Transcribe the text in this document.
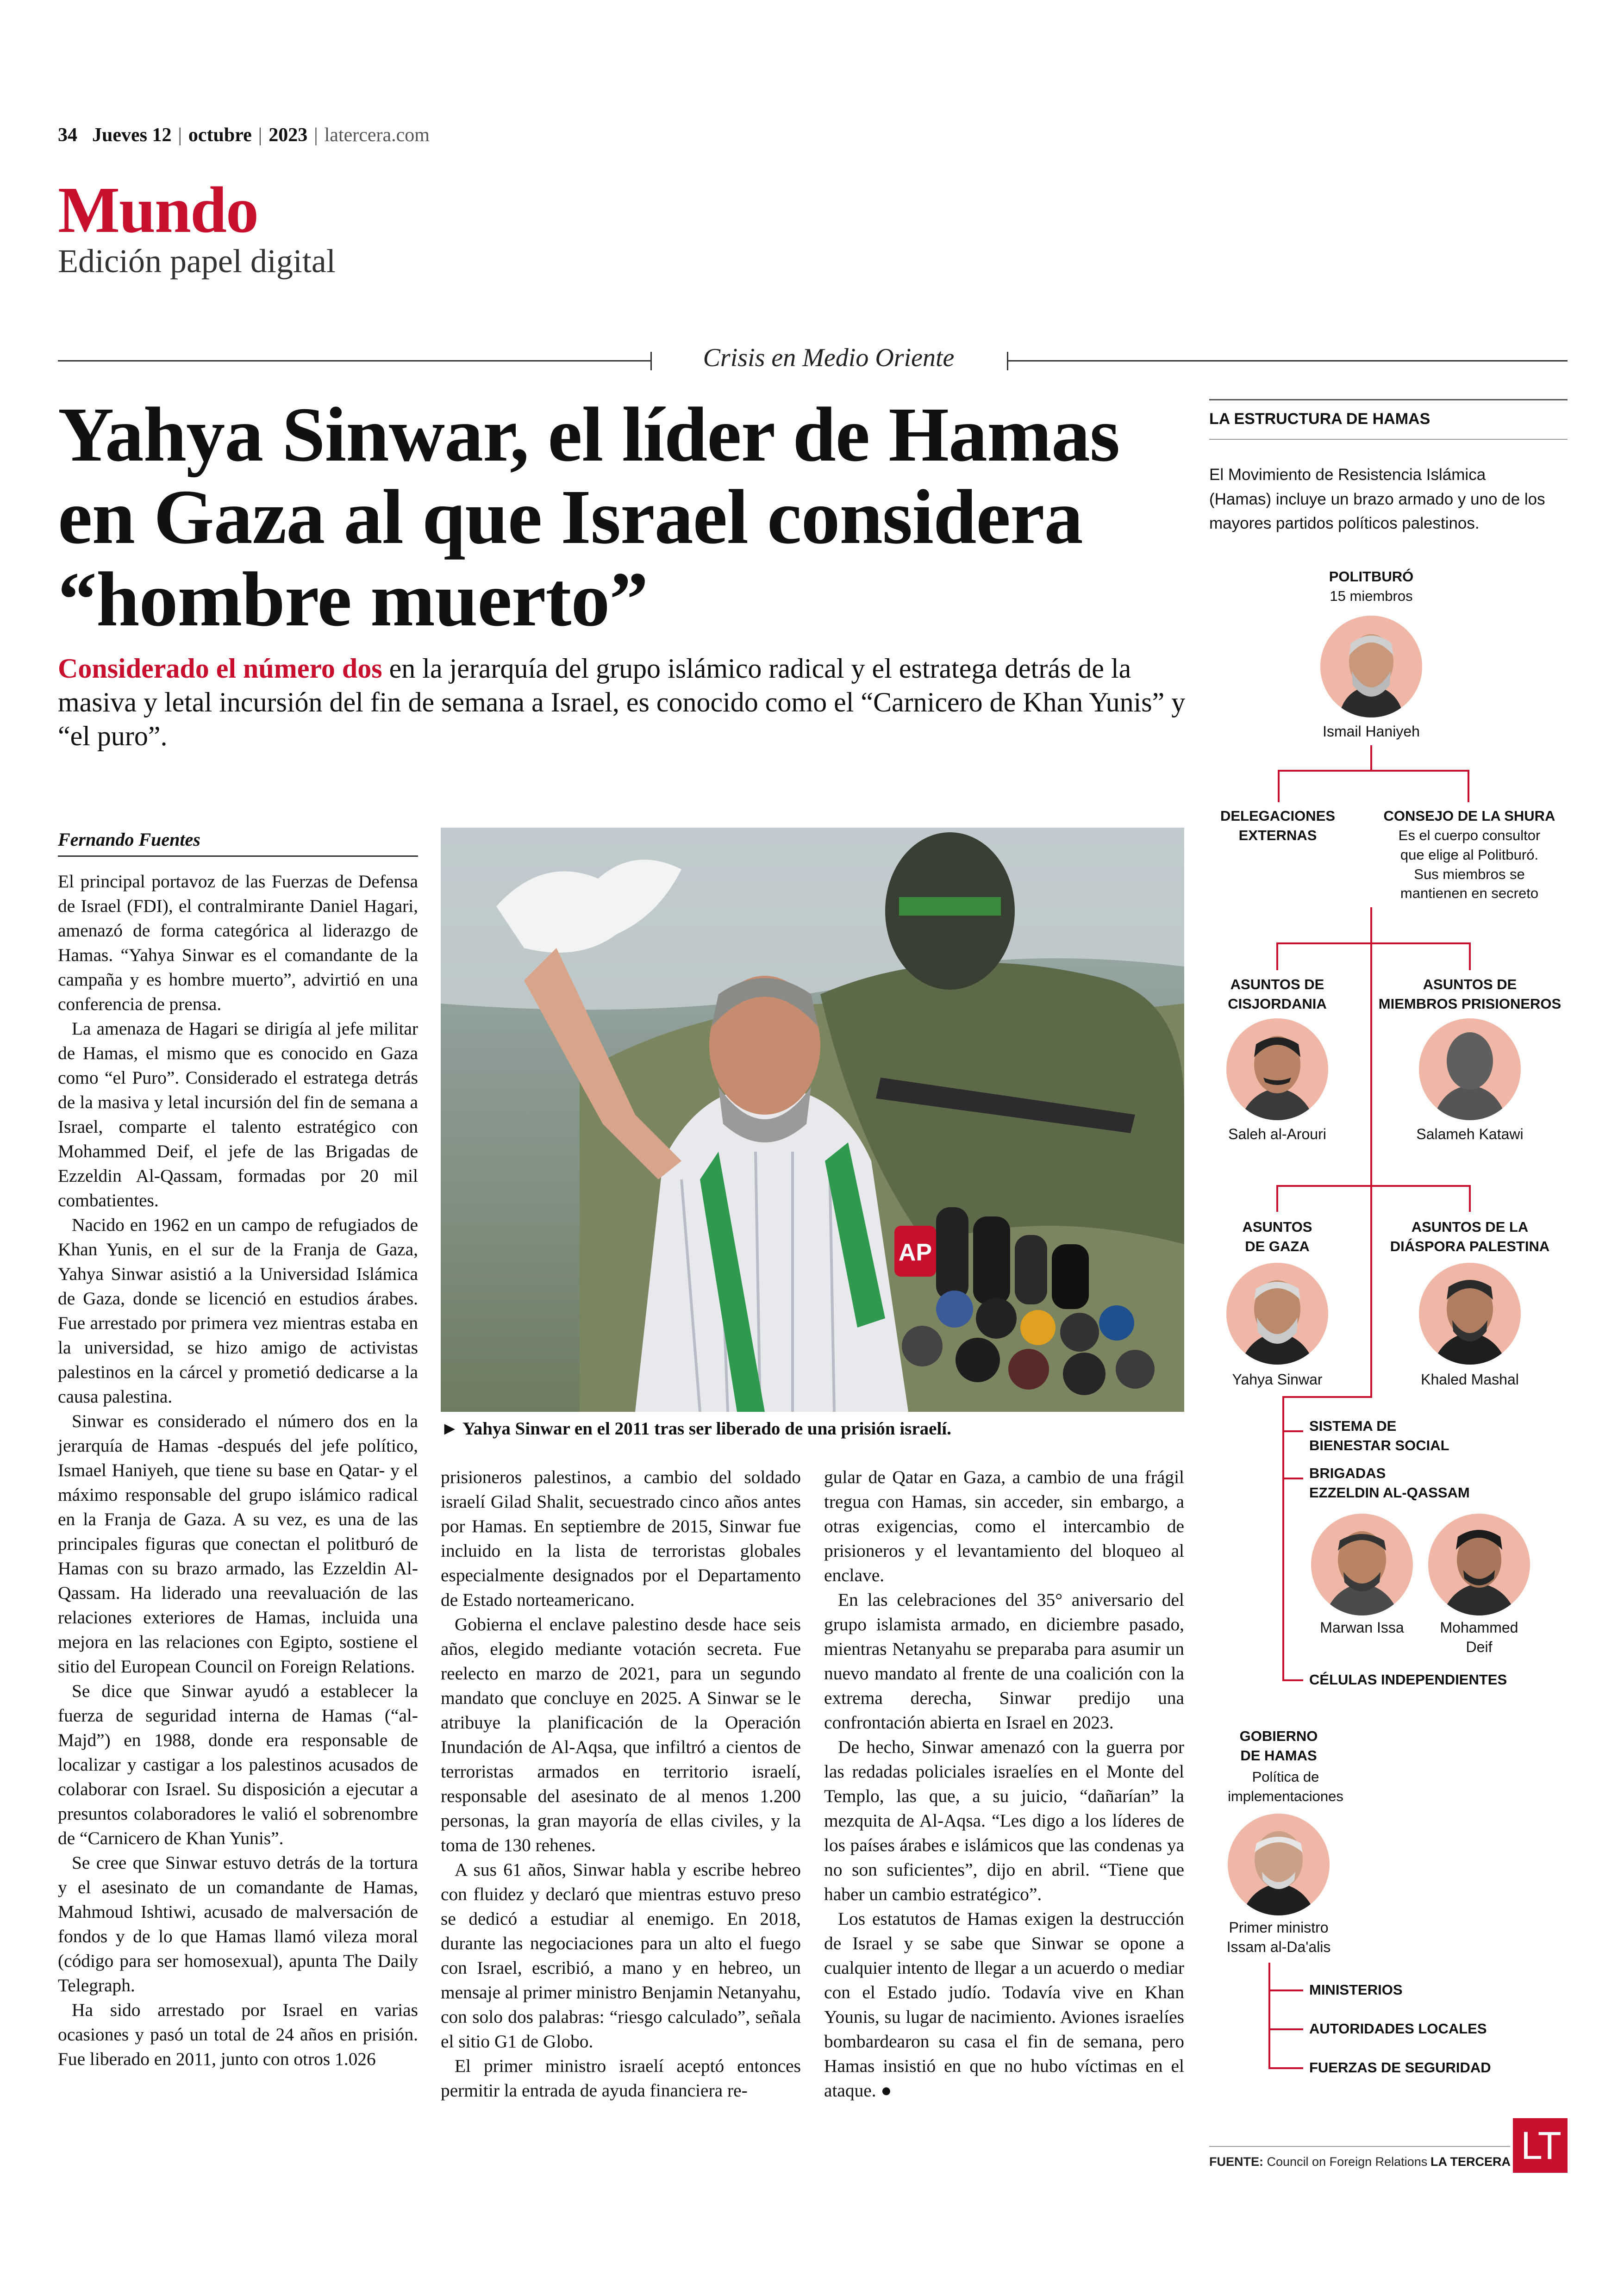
34 Jueves 12 | octubre | 2023 | latercera.com
Mundo
Edición papel digital
Crisis en Medio Oriente
Yahya Sinwar, el líder de Hamas en Gaza al que Israel considera “hombre muerto”
Considerado el número dos en la jerarquía del grupo islámico radical y el estratega detrás de la masiva y letal incursión del fin de semana a Israel, es conocido como el “Carnicero de Khan Yunis” y “el puro”.
Fernando Fuentes

El principal portavoz de las Fuerzas de Defensa de Israel (FDI), el contralmirante Daniel Hagari, amenazó de forma categórica al liderazgo de Hamas. “Yahya Sinwar es el comandante de la campaña y es hombre muerto”, advirtió en una conferencia de prensa.

La amenaza de Hagari se dirigía al jefe militar de Hamas, el mismo que es conocido en Gaza como “el Puro”. Considerado el estratega detrás de la masiva y letal incursión del fin de semana a Israel, comparte el talento estratégico con Mohammed Deif, el jefe de las Brigadas de Ezzeldin Al-Qassam, formadas por 20 mil combatientes.

Nacido en 1962 en un campo de refugiados de Khan Yunis, en el sur de la Franja de Gaza, Yahya Sinwar asistió a la Universidad Islámica de Gaza, donde se licenció en estudios árabes. Fue arrestado por primera vez mientras estaba en la universidad, se hizo amigo de activistas palestinos en la cárcel y prometió dedicarse a la causa palestina.

Sinwar es considerado el número dos en la jerarquía de Hamas -después del jefe político, Ismael Haniyeh, que tiene su base en Qatar- y el máximo responsable del grupo islámico radical en la Franja de Gaza. A su vez, es una de las principales figuras que conectan el politburó de Hamas con su brazo armado, las Ezzeldin Al-Qassam. Ha liderado una reevaluación de las relaciones exteriores de Hamas, incluida una mejora en las relaciones con Egipto, sostiene el sitio del European Council on Foreign Relations.

Se dice que Sinwar ayudó a establecer la fuerza de seguridad interna de Hamas (“al-Majd”) en 1988, donde era responsable de localizar y castigar a los palestinos acusados de colaborar con Israel. Su disposición a ejecutar a presuntos colaboradores le valió el sobrenombre de “Carnicero de Khan Yunis”.

Se cree que Sinwar estuvo detrás de la tortura y el asesinato de un comandante de Hamas, Mahmoud Ishtiwi, acusado de malversación de fondos y de lo que Hamas llamó vileza moral (código para ser homosexual), apunta The Daily Telegraph.

Ha sido arrestado por Israel en varias ocasiones y pasó un total de 24 años en prisión. Fue liberado en 2011, junto con otros 1.026

AP
► Yahya Sinwar en el 2011 tras ser liberado de una prisión israelí.

prisioneros palestinos, a cambio del soldado israelí Gilad Shalit, secuestrado cinco años antes por Hamas. En septiembre de 2015, Sinwar fue incluido en la lista de terroristas globales especialmente designados por el Departamento de Estado norteamericano.

Gobierna el enclave palestino desde hace seis años, elegido mediante votación secreta. Fue reelecto en marzo de 2021, para un segundo mandato que concluye en 2025. A Sinwar se le atribuye la planificación de la Operación Inundación de Al-Aqsa, que infiltró a cientos de terroristas armados en territorio israelí, responsable del asesinato de al menos 1.200 personas, la gran mayoría de ellas civiles, y la toma de 130 rehenes.

A sus 61 años, Sinwar habla y escribe hebreo con fluidez y declaró que mientras estuvo preso se dedicó a estudiar al enemigo. En 2018, durante las negociaciones para un alto el fuego con Israel, escribió, a mano y en hebreo, un mensaje al primer ministro Benjamin Netanyahu, con solo dos palabras: “riesgo calculado”, señala el sitio G1 de Globo.

El primer ministro israelí aceptó entonces permitir la entrada de ayuda financiera re-

gular de Qatar en Gaza, a cambio de una frágil tregua con Hamas, sin acceder, sin embargo, a otras exigencias, como el intercambio de prisioneros y el levantamiento del bloqueo al enclave.

En las celebraciones del 35° aniversario del grupo islamista armado, en diciembre pasado, mientras Netanyahu se preparaba para asumir un nuevo mandato al frente de una coalición con la extrema derecha, Sinwar predijo una confrontación abierta en Israel en 2023.

De hecho, Sinwar amenazó con la guerra por las redadas policiales israelíes en el Monte del Templo, las que, a su juicio, “dañarían” la mezquita de Al-Aqsa. “Les digo a los líderes de los países árabes e islámicos que las condenas ya no son suficientes”, dijo en abril. “Tiene que haber un cambio estratégico”.

Los estatutos de Hamas exigen la destrucción de Israel y se sabe que Sinwar se opone a cualquier intento de llegar a un acuerdo o mediar con el Estado judío. Todavía vive en Khan Younis, su lugar de nacimiento. Aviones israelíes bombardearon su casa el fin de semana, pero Hamas insistió en que no hubo víctimas en el ataque. ●

LA ESTRUCTURA DE HAMAS
El Movimiento de Resistencia Islámica (Hamas) incluye un brazo armado y uno de los mayores partidos políticos palestinos.
POLITBURÓ
15 miembros
Ismail Haniyeh
DELEGACIONES
EXTERNAS
CONSEJO DE LA SHURA
Es el cuerpo consultor
que elige al Politburó.
Sus miembros se
mantienen en secreto
ASUNTOS DE
CISJORDANIA
ASUNTOS DE
MIEMBROS PRISIONEROS
Saleh al-Arouri	Salameh Katawi
ASUNTOS
DE GAZA
ASUNTOS DE LA
DIÁSPORA PALESTINA
Yahya Sinwar	Khaled Mashal
SISTEMA DE
BIENESTAR SOCIAL
BRIGADAS
EZZELDIN AL-QASSAM
Marwan Issa	Mohammed
Deif
CÉLULAS INDEPENDIENTES
GOBIERNO
DE HAMAS
Política de
implementaciones
Primer ministro
Issam al-Da'alis
MINISTERIOS
AUTORIDADES LOCALES
FUERZAS DE SEGURIDAD
FUENTE: Council on Foreign Relations LA TERCERA LT
